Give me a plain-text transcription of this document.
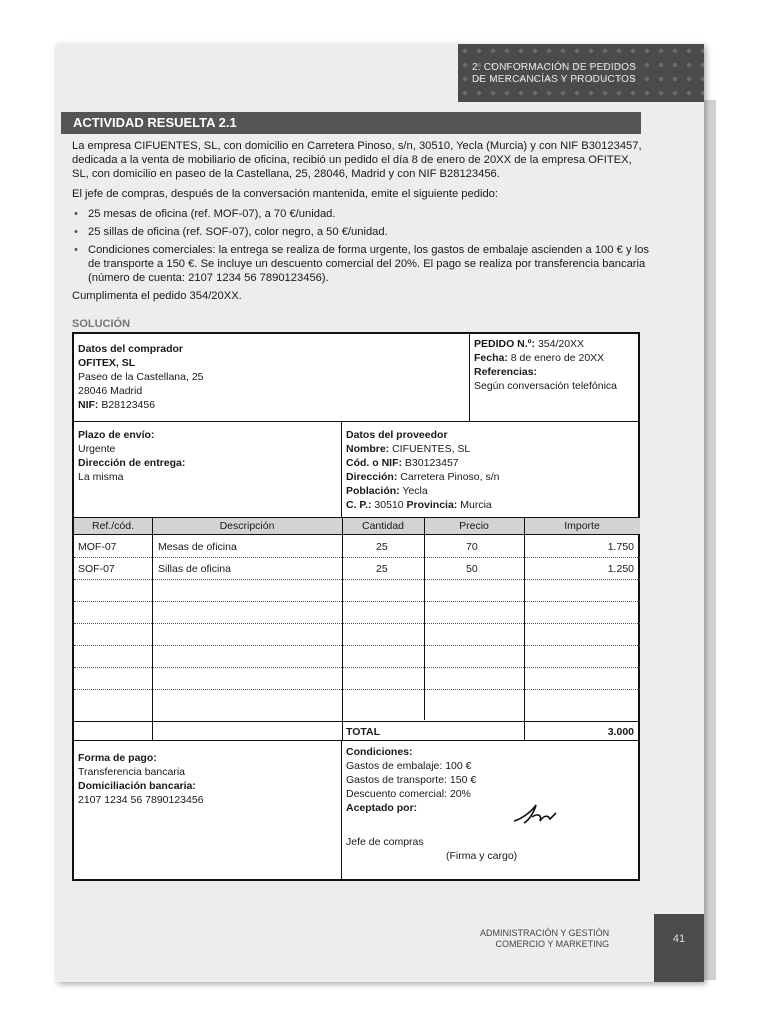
2. CONFORMACIÓN DE PEDIDOS
DE MERCANCÍAS Y PRODUCTOS
ACTIVIDAD RESUELTA 2.1

La empresa CIFUENTES, SL, con domicilio en Carretera Pinoso, s/n, 30510, Yecla (Murcia) y con NIF B30123457, dedicada a la venta de mobiliario de oficina, recibió un pedido el día 8 de enero de 20XX de la empresa OFITEX, SL, con domicilio en paseo de la Castellana, 25, 28046, Madrid y con NIF B28123456.

El jefe de compras, después de la conversación mantenida, emite el siguiente pedido:

• 25 mesas de oficina (ref. MOF-07), a 70 €/unidad.
• 25 sillas de oficina (ref. SOF-07), color negro, a 50 €/unidad.
• Condiciones comerciales: la entrega se realiza de forma urgente, los gastos de embalaje ascienden a 100 € y los de transporte a 150 €. Se incluye un descuento comercial del 20%. El pago se realiza por transferencia bancaria (número de cuenta: 2107 1234 56 7890123456).

Cumplimenta el pedido 354/20XX.

SOLUCIÓN
Datos del comprador
OFITEX, SL
Paseo de la Castellana, 25
28046 Madrid
NIF: B28123456
PEDIDO N.º: 354/20XX
Fecha: 8 de enero de 20XX
Referencias:
Según conversación telefónica
Plazo de envío:
Urgente
Dirección de entrega:
La misma
Datos del proveedor
Nombre: CIFUENTES, SL
Cód. o NIF: B30123457
Dirección: Carretera Pinoso, s/n
Población: Yecla
C. P.: 30510 Provincia: Murcia
Ref./cód.	Descripción	Cantidad	Precio	Importe
MOF-07	Mesas de oficina	25	70	1.750
SOF-07	Sillas de oficina	25	50	1.250
TOTAL	3.000
Forma de pago:
Transferencia bancaria
Domiciliación bancaria:
2107 1234 56 7890123456
Condiciones:
Gastos de embalaje: 100 €
Gastos de transporte: 150 €
Descuento comercial: 20%
Aceptado por:
Jefe de compras
(Firma y cargo)
ADMINISTRACIÓN Y GESTIÓN
COMERCIO Y MARKETING	41
